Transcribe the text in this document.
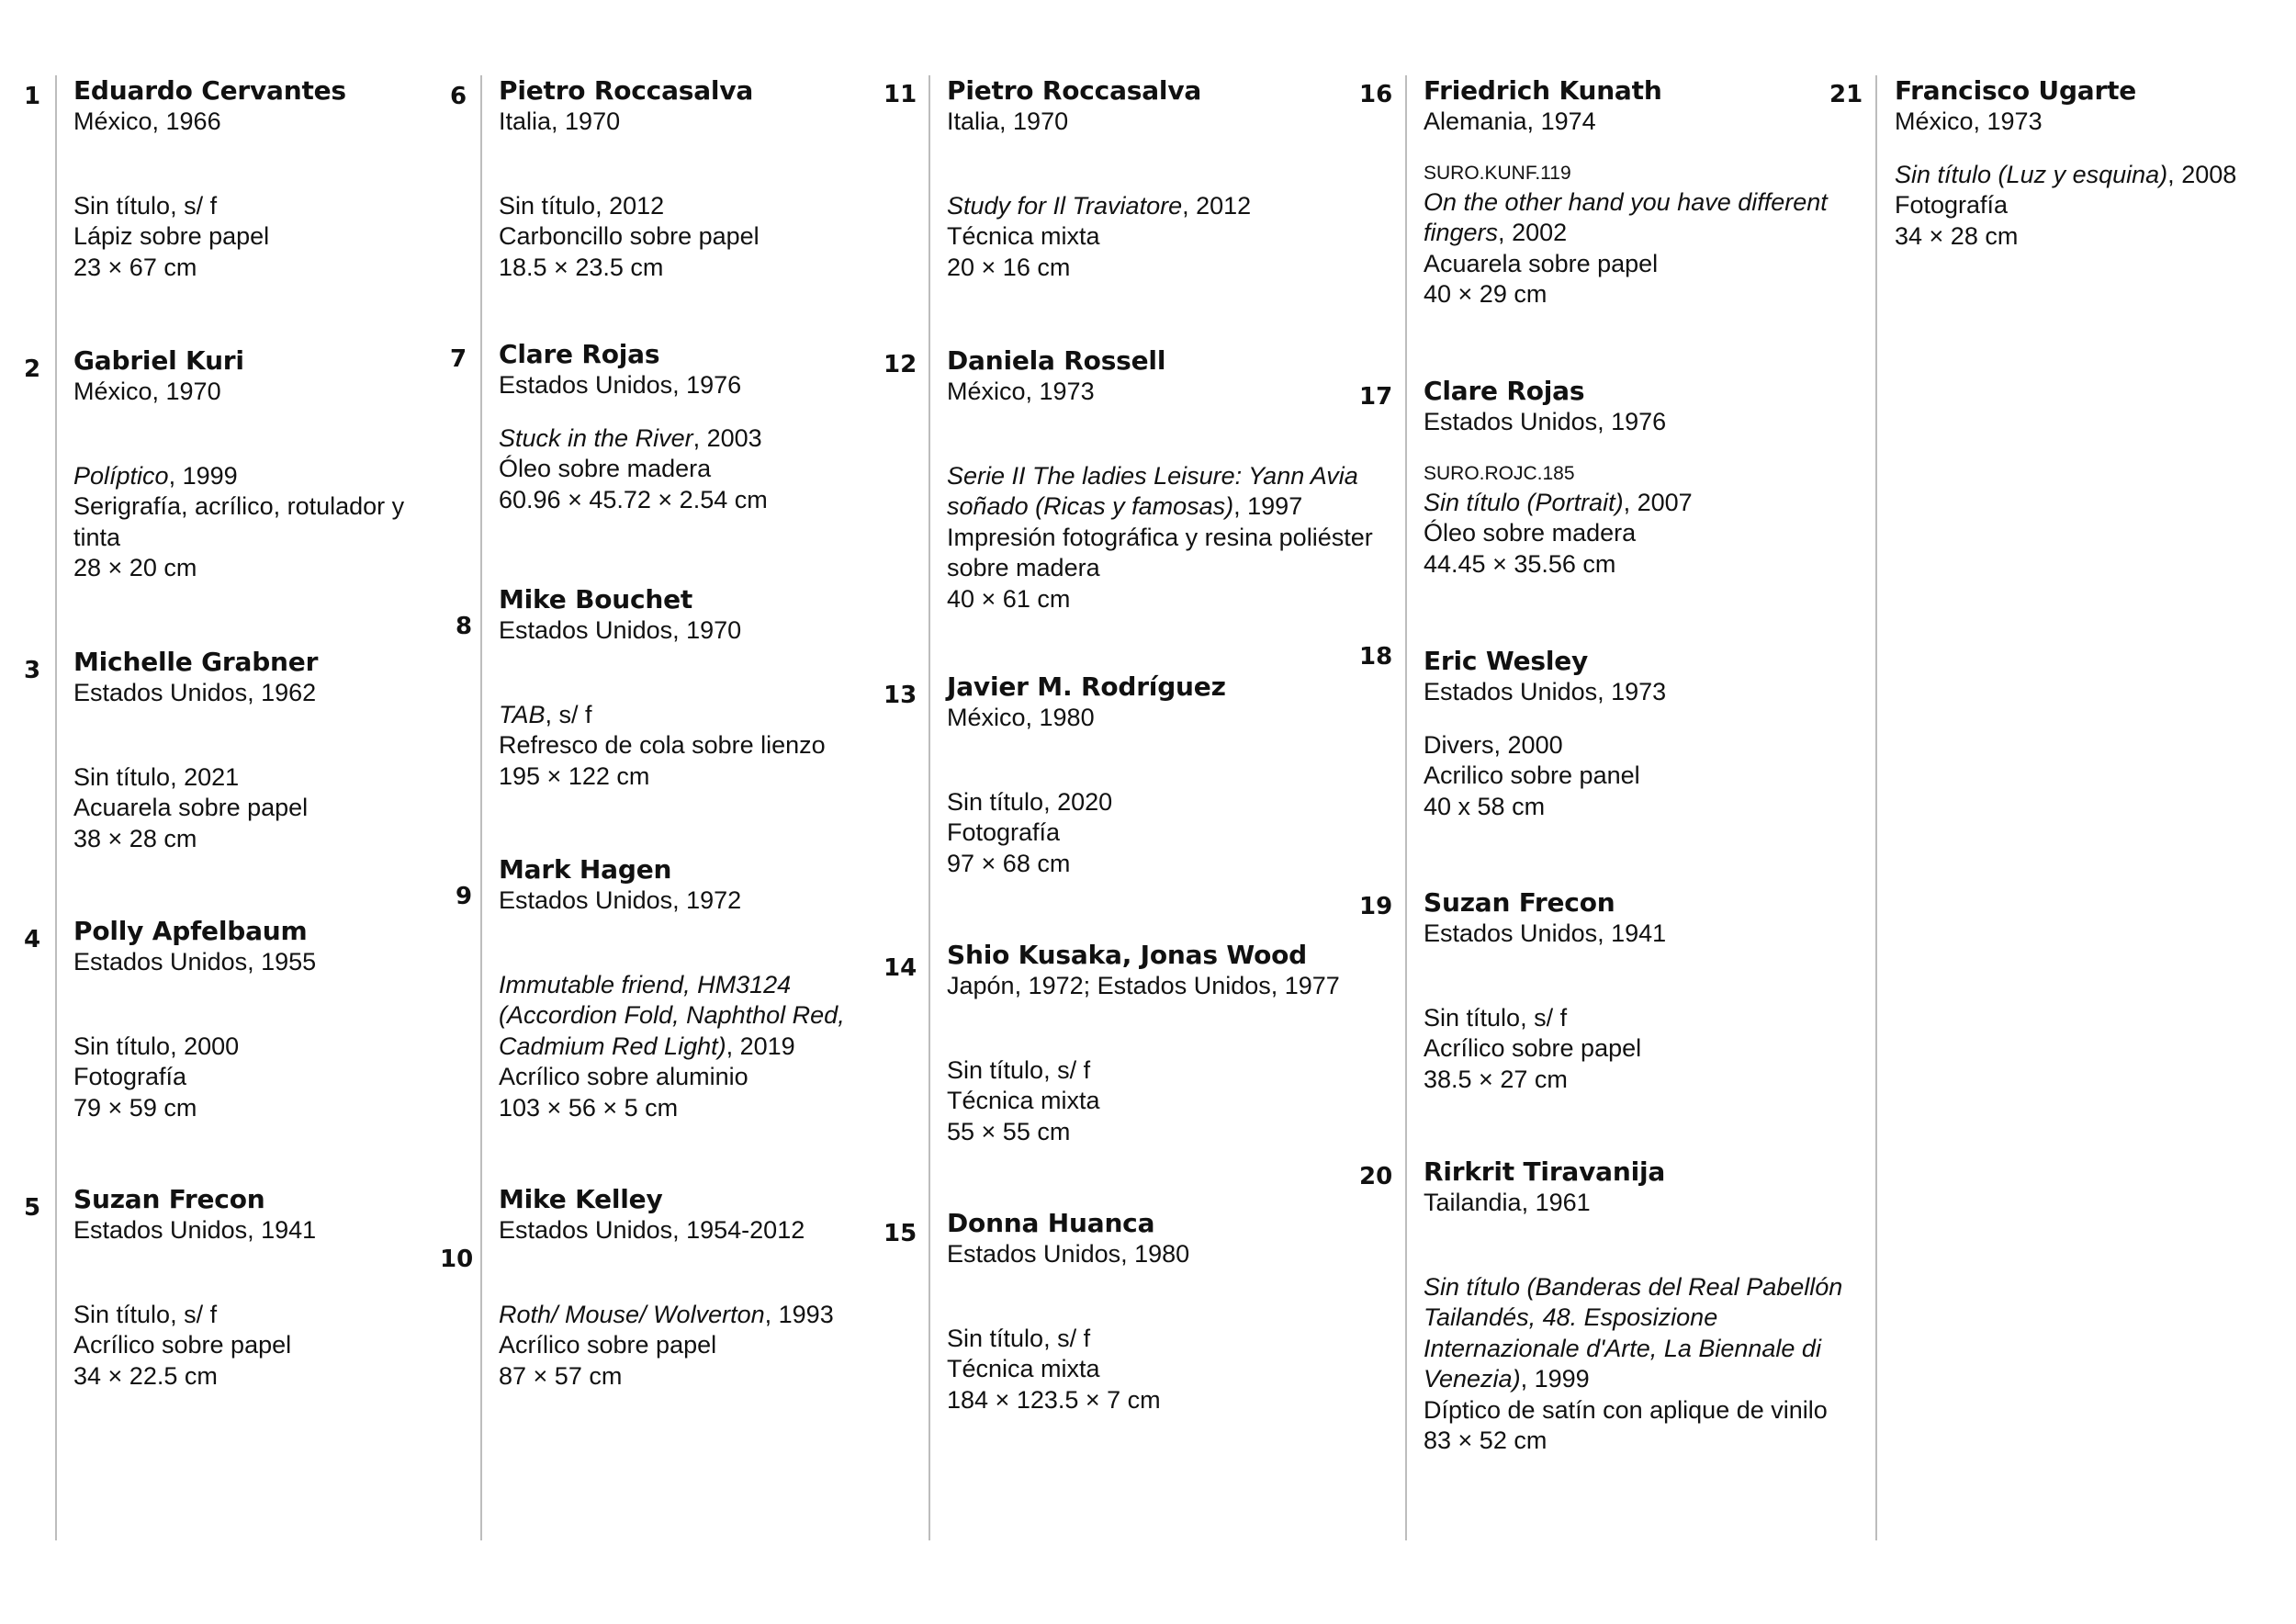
1 Eduardo Cervantes

México, 1966

Sin título, s/ f

Lápiz sobre papel

23 × 67 cm

2 Gabriel Kuri

México, 1970

Políptico, 1999

Serigrafía, acrílico, rotulador y tinta

28 × 20 cm

3 Michelle Grabner

Estados Unidos, 1962

Sin título, 2021

Acuarela sobre papel

38 × 28 cm

4 Polly Apfelbaum

Estados Unidos, 1955

Sin título, 2000

Fotografía

79 × 59 cm

5 Suzan Frecon

Estados Unidos, 1941

Sin título, s/ f

Acrílico sobre papel

34 × 22.5 cm

6 Pietro Roccasalva

Italia, 1970

Sin título, 2012

Carboncillo sobre papel

18.5 × 23.5 cm

7 Clare Rojas

Estados Unidos, 1976

Stuck in the River, 2003

Óleo sobre madera

60.96 × 45.72 × 2.54 cm

8

Mike Bouchet

Estados Unidos, 1970

TAB, s/ f

Refresco de cola sobre lienzo

195 × 122 cm

9

Mark Hagen

Estados Unidos, 1972

Immutable friend, HM3124 (Accordion Fold, Naphthol Red, Cadmium Red Light), 2019

Acrílico sobre aluminio

103 × 56 × 5 cm

10

Mike Kelley

Estados Unidos, 1954-2012

Roth/ Mouse/ Wolverton, 1993

Acrílico sobre papel

87 × 57 cm

11 Pietro Roccasalva

Italia, 1970

Study for Il Traviatore, 2012

Técnica mixta

20 × 16 cm

12 Daniela Rossell

México, 1973

Serie II The ladies Leisure: Yann Avia soñado (Ricas y famosas), 1997

Impresión fotográfica y resina poliéster sobre madera

40 × 61 cm

13 Javier M. Rodríguez

México, 1980

Sin título, 2020

Fotografía

97 × 68 cm

14 Shio Kusaka, Jonas Wood

Japón, 1972; Estados Unidos, 1977

Sin título, s/ f

Técnica mixta

55 × 55 cm

15 Donna Huanca

Estados Unidos, 1980

Sin título, s/ f

Técnica mixta

184 × 123.5 × 7 cm

16 Friedrich Kunath

Alemania, 1974

SURO.KUNF.119

On the other hand you have different fingers, 2002

Acuarela sobre papel

40 × 29 cm

17 Clare Rojas

Estados Unidos, 1976

SURO.ROJC.185

Sin título (Portrait), 2007

Óleo sobre madera

44.45 × 35.56 cm

18 Eric Wesley

Estados Unidos, 1973

Divers, 2000

Acrilico sobre panel

40 x 58 cm

19 Suzan Frecon

Estados Unidos, 1941

Sin título, s/ f

Acrílico sobre papel

38.5 × 27 cm

20 Rirkrit Tiravanija

Tailandia, 1961

Sin título (Banderas del Real Pabellón Tailandés, 48. Esposizione Internazionale d'Arte, La Biennale di Venezia), 1999

Díptico de satín con aplique de vinilo

83 × 52 cm

21 Francisco Ugarte

México, 1973

Sin título (Luz y esquina), 2008

Fotografía

34 × 28 cm
